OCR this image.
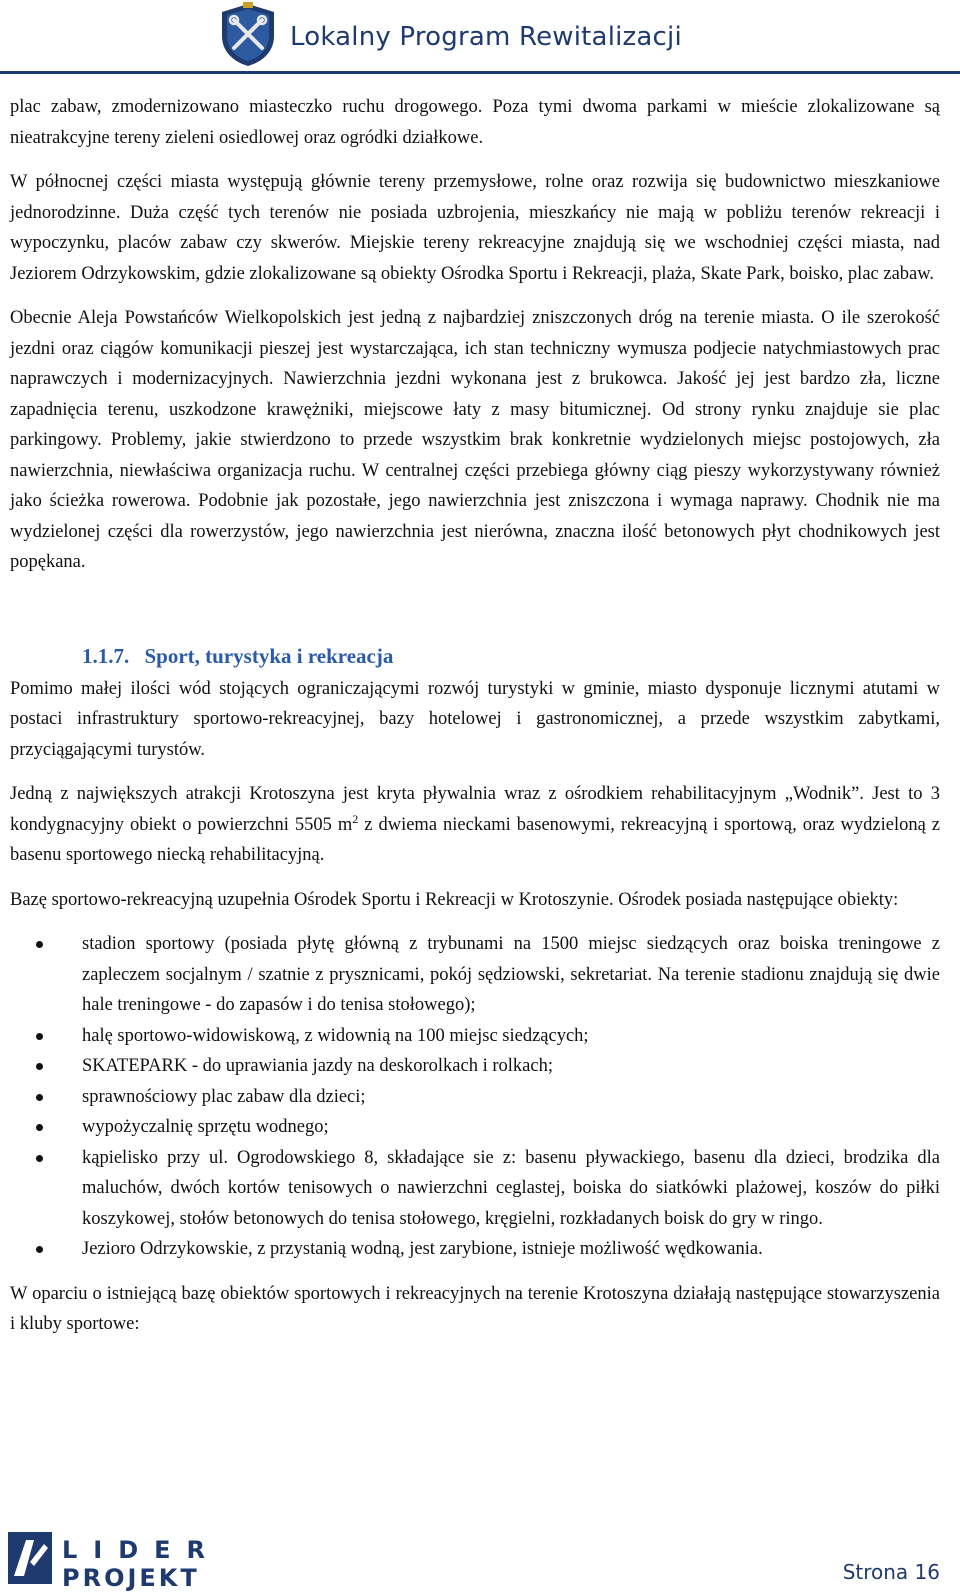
Lokalny Program Rewitalizacji

plac zabaw, zmodernizowano miasteczko ruchu drogowego. Poza tymi dwoma parkami w mieście zlokalizowane są nieatrakcyjne tereny zieleni osiedlowej oraz ogródki działkowe.

W północnej części miasta występują głównie tereny przemysłowe, rolne oraz rozwija się budownictwo mieszkaniowe jednorodzinne. Duża część tych terenów nie posiada uzbrojenia, mieszkańcy nie mają w pobliżu terenów rekreacji i wypoczynku, placów zabaw czy skwerów. Miejskie tereny rekreacyjne znajdują się we wschodniej części miasta, nad Jeziorem Odrzykowskim, gdzie zlokalizowane są obiekty Ośrodka Sportu i Rekreacji, plaża, Skate Park, boisko, plac zabaw.

Obecnie Aleja Powstańców Wielkopolskich jest jedną z najbardziej zniszczonych dróg na terenie miasta. O ile szerokość jezdni oraz ciągów komunikacji pieszej jest wystarczająca, ich stan techniczny wymusza podjecie natychmiastowych prac naprawczych i modernizacyjnych. Nawierzchnia jezdni wykonana jest z brukowca. Jakość jej jest bardzo zła, liczne zapadnięcia terenu, uszkodzone krawężniki, miejscowe łaty z masy bitumicznej. Od strony rynku znajduje sie plac parkingowy. Problemy, jakie stwierdzono to przede wszystkim brak konkretnie wydzielonych miejsc postojowych, zła nawierzchnia, niewłaściwa organizacja ruchu. W centralnej części przebiega główny ciąg pieszy wykorzystywany również jako ścieżka rowerowa. Podobnie jak pozostałe, jego nawierzchnia jest zniszczona i wymaga naprawy. Chodnik nie ma wydzielonej części dla rowerzystów, jego nawierzchnia jest nierówna, znaczna ilość betonowych płyt chodnikowych jest popękana.

1.1.7. Sport, turystyka i rekreacja

Pomimo małej ilości wód stojących ograniczającymi rozwój turystyki w gminie, miasto dysponuje licznymi atutami w postaci infrastruktury sportowo-rekreacyjnej, bazy hotelowej i gastronomicznej, a przede wszystkim zabytkami, przyciągającymi turystów.

Jedną z największych atrakcji Krotoszyna jest kryta pływalnia wraz z ośrodkiem rehabilitacyjnym „Wodnik”. Jest to 3 kondygnacyjny obiekt o powierzchni 5505 $m^2$ z dwiema nieckami basenowymi, rekreacyjną i sportową, oraz wydzieloną z basenu sportowego niecką rehabilitacyjną.

Bazę sportowo-rekreacyjną uzupełnia Ośrodek Sportu i Rekreacji w Krotoszynie. Ośrodek posiada następujące obiekty:

stadion sportowy (posiada płytę główną z trybunami na 1500 miejsc siedzących oraz boiska treningowe z zapleczem socjalnym / szatnie z prysznicami, pokój sędziowski, sekretariat. Na terenie stadionu znajdują się dwie hale treningowe - do zapasów i do tenisa stołowego);
halę sportowo-widowiskową, z widownią na 100 miejsc siedzących;
SKATEPARK - do uprawiania jazdy na deskorolkach i rolkach;
sprawnościowy plac zabaw dla dzieci;
wypożyczalnię sprzętu wodnego;
kąpielisko przy ul. Ogrodowskiego 8, składające sie z: basenu pływackiego, basenu dla dzieci, brodzika dla maluchów, dwóch kortów tenisowych o nawierzchni ceglastej, boiska do siatkówki plażowej, koszów do piłki koszykowej, stołów betonowych do tenisa stołowego, kręgielni, rozkładanych boisk do gry w ringo.
Jezioro Odrzykowskie, z przystanią wodną, jest zarybione, istnieje możliwość wędkowania.

W oparciu o istniejącą bazę obiektów sportowych i rekreacyjnych na terenie Krotoszyna działają następujące stowarzyszenia i kluby sportowe:

LIDER
PROJEKT	Strona 16
